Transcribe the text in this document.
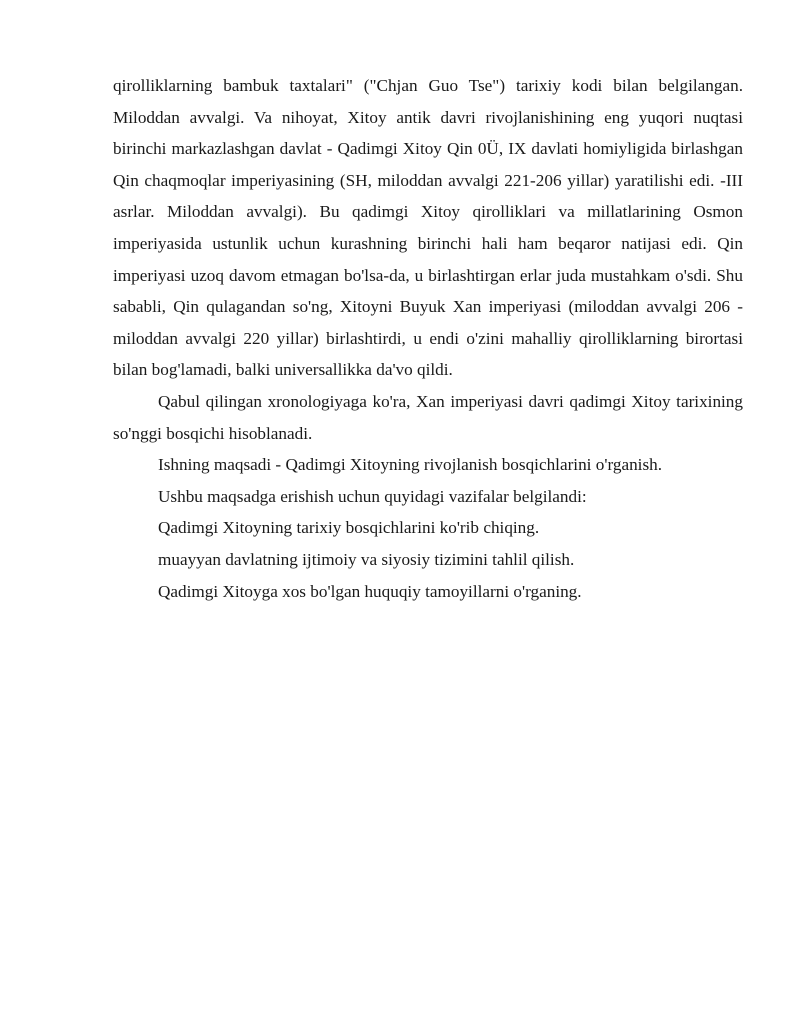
qirolliklarning bambuk taxtalari" ("Chjan Guo Tse") tarixiy kodi bilan belgilangan. Miloddan avvalgi. Va nihoyat, Xitoy antik davri rivojlanishining eng yuqori nuqtasi birinchi markazlashgan davlat - Qadimgi Xitoy Qin 0Ü, IX davlati homiyligida birlashgan Qin chaqmoqlar imperiyasining (SH, miloddan avvalgi 221-206 yillar) yaratilishi edi. -III asrlar. Miloddan avvalgi). Bu qadimgi Xitoy qirolliklari va millatlarining Osmon imperiyasida ustunlik uchun kurashning birinchi hali ham beqaror natijasi edi. Qin imperiyasi uzoq davom etmagan bo'lsa-da, u birlashtirgan erlar juda mustahkam o'sdi. Shu sababli, Qin qulagandan so'ng, Xitoyni Buyuk Xan imperiyasi (miloddan avvalgi 206 - miloddan avvalgi 220 yillar) birlashtirdi, u endi o'zini mahalliy qirolliklarning birortasi bilan bog'lamadi, balki universallikka da'vo qildi.

Qabul qilingan xronologiyaga ko'ra, Xan imperiyasi davri qadimgi Xitoy tarixining so'nggi bosqichi hisoblanadi.

Ishning maqsadi - Qadimgi Xitoyning rivojlanish bosqichlarini o'rganish.

Ushbu maqsadga erishish uchun quyidagi vazifalar belgilandi:

Qadimgi Xitoyning tarixiy bosqichlarini ko'rib chiqing.

muayyan davlatning ijtimoiy va siyosiy tizimini tahlil qilish.

Qadimgi Xitoyga xos bo'lgan huquqiy tamoyillarni o'rganing.
